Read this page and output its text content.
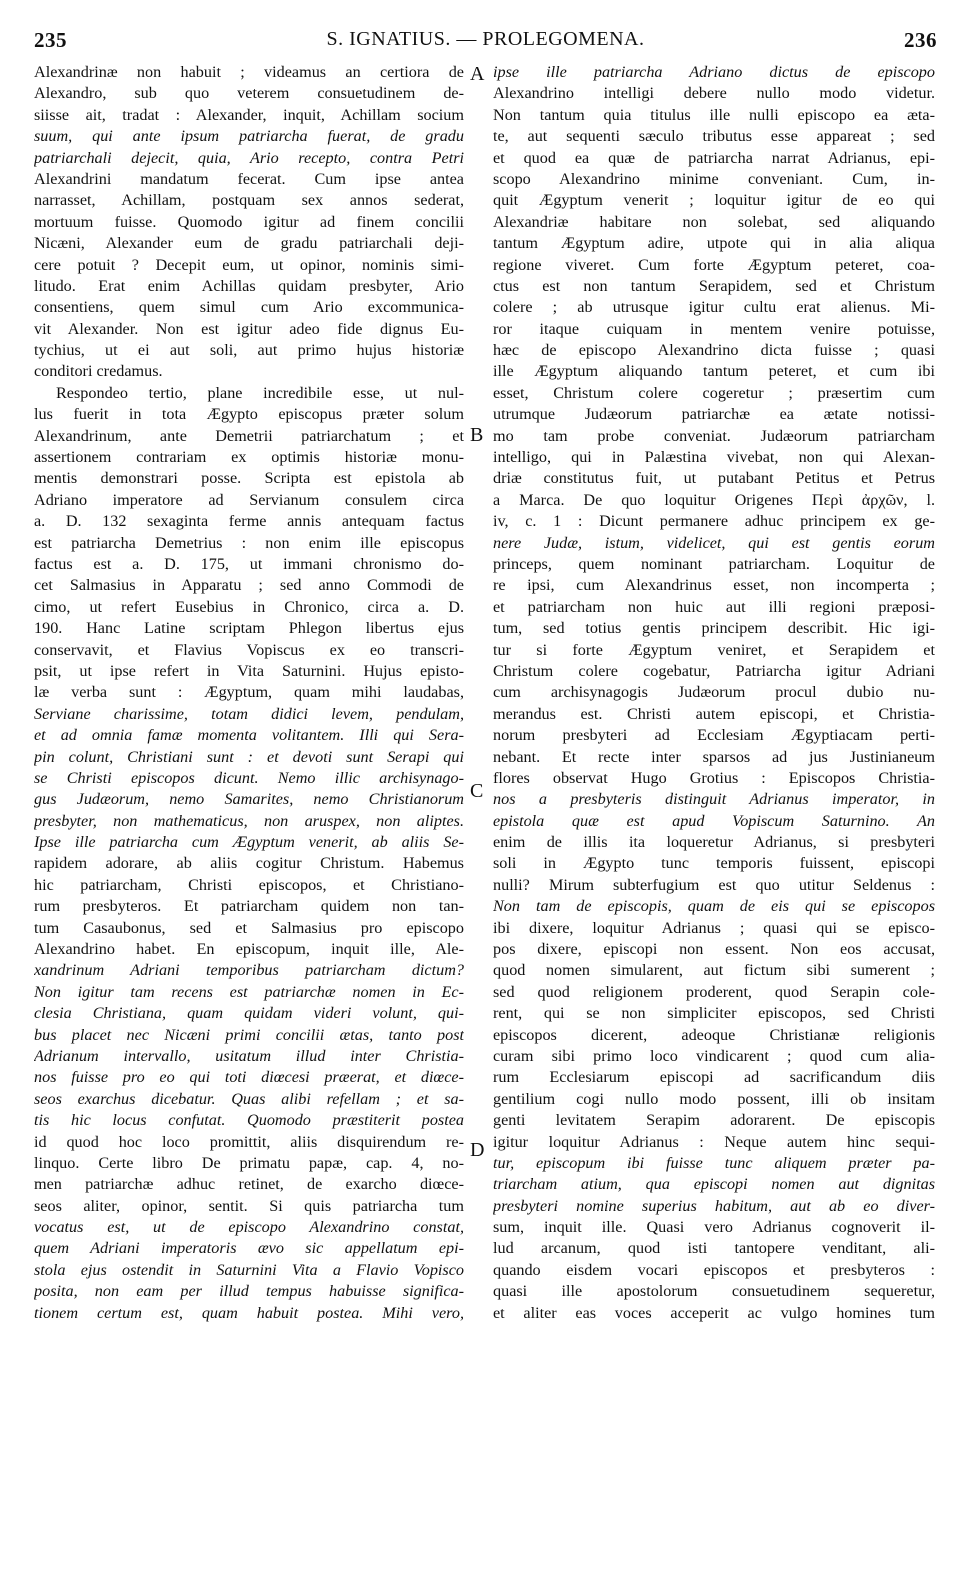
235	S. IGNATIUS. — PROLEGOMENA.	236
Alexandrinæ non habuit ; videamus an certiora de
Alexandro, sub quo veterem consuetudinem de-
siisse ait, tradat : Alexander, inquit, Achillam socium
suum, qui ante ipsum patriarcha fuerat, de gradu
patriarchali dejecit, quia, Ario recepto, contra Petri
Alexandrini mandatum fecerat. Cum ipse antea
narrasset, Achillam, postquam sex annos sederat,
mortuum fuisse. Quomodo igitur ad finem concilii
Nicæni, Alexander eum de gradu patriarchali deji-
cere potuit ? Decepit eum, ut opinor, nominis simi-
litudo. Erat enim Achillas quidam presbyter, Ario
consentiens, quem simul cum Ario excommunica-
vit Alexander. Non est igitur adeo fide dignus Eu-
tychius, ut ei aut soli, aut primo hujus historiæ
conditori credamus.
Respondeo tertio, plane incredibile esse, ut nul-
lus fuerit in tota Ægypto episcopus præter solum
Alexandrinum, ante Demetrii patriarchatum ; et
assertionem contrariam ex optimis historiæ monu-
mentis demonstrari posse. Scripta est epistola ab
Adriano imperatore ad Servianum consulem circa
a. D. 132 sexaginta ferme annis antequam factus
est patriarcha Demetrius : non enim ille episcopus
factus est a. D. 175, ut immani chronismo do-
cet Salmasius in Apparatu ; sed anno Commodi de
cimo, ut refert Eusebius in Chronico, circa a. D.
190. Hanc Latine scriptam Phlegon libertus ejus
conservavit, et Flavius Vopiscus ex eo transcri-
psit, ut ipse refert in Vita Saturnini. Hujus episto-
læ verba sunt : Ægyptum, quam mihi laudabas,
Serviane charissime, totam didici levem, pendulam,
et ad omnia famæ momenta volitantem. Illi qui Sera-
pin colunt, Christiani sunt : et devoti sunt Serapi qui
se Christi episcopos dicunt. Nemo illic archisynago-
gus Judæorum, nemo Samarites, nemo Christianorum
presbyter, non mathematicus, non aruspex, non aliptes.
Ipse ille patriarcha cum Ægyptum venerit, ab aliis Se-
rapidem adorare, ab aliis cogitur Christum. Habemus
hic patriarcham, Christi episcopos, et Christiano-
rum presbyteros. Et patriarcham quidem non tan-
tum Casaubonus, sed et Salmasius pro episcopo
Alexandrino habet. En episcopum, inquit ille, Ale-
xandrinum Adriani temporibus patriarcham dictum?
Non igitur tam recens est patriarchæ nomen in Ec-
clesia Christiana, quam quidam videri volunt, qui-
bus placet nec Nicæni primi concilii ætas, tanto post
Adrianum intervallo, usitatum illud inter Christia-
nos fuisse pro eo qui toti diœcesi præerat, et diœce-
seos exarchus dicebatur. Quas alibi refellam ; et sa-
tis hic locus confutat. Quomodo præstiterit postea
id quod hoc loco promittit, aliis disquirendum re-
linquo. Certe libro De primatu papæ, cap. 4, no-
men patriarchæ adhuc retinet, de exarcho diœce-
seos aliter, opinor, sentit. Si quis patriarcha tum
vocatus est, ut de episcopo Alexandrino constat,
quem Adriani imperatoris ævo sic appellatum epi-
stola ejus ostendit in Saturnini Vita a Flavio Vopisco
posita, non eam per illud tempus habuisse significa-
tionem certum est, quam habuit postea. Mihi vero,
ipse ille patriarcha Adriano dictus de episcopo
Alexandrino intelligi debere nullo modo videtur.
Non tantum quia titulus ille nulli episcopo ea æta-
te, aut sequenti sæculo tributus esse appareat ; sed
et quod ea quæ de patriarcha narrat Adrianus, epi-
scopo Alexandrino minime conveniant. Cum, in-
quit Ægyptum venerit ; loquitur igitur de eo qui
Alexandriæ habitare non solebat, sed aliquando
tantum Ægyptum adire, utpote qui in alia aliqua
regione viveret. Cum forte Ægyptum peteret, coa-
ctus est non tantum Serapidem, sed et Christum
colere ; ab utrusque igitur cultu erat alienus. Mi-
ror itaque cuiquam in mentem venire potuisse,
hæc de episcopo Alexandrino dicta fuisse ; quasi
ille Ægyptum aliquando tantum peteret, et cum ibi
esset, Christum colere cogeretur ; præsertim cum
utrumque Judæorum patriarchæ ea ætate notissi-
mo tam probe conveniat. Judæorum patriarcham
intelligo, qui in Palæstina vivebat, non qui Alexan-
driæ constitutus fuit, ut putabant Petitus et Petrus
a Marca. De quo loquitur Origenes Περὶ ἀρχῶν, l.
iv, c. 1 : Dicunt permanere adhuc principem ex ge-
nere Judæ, istum, videlicet, qui est gentis eorum
princeps, quem nominant patriarcham. Loquitur de
re ipsi, cum Alexandrinus esset, non incomperta ;
et patriarcham non huic aut illi regioni præposi-
tum, sed totius gentis principem describit. Hic igi-
tur si forte Ægyptum veniret, et Serapidem et
Christum colere cogebatur, Patriarcha igitur Adriani
cum archisynagogis Judæorum procul dubio nu-
merandus est. Christi autem episcopi, et Christia-
norum presbyteri ad Ecclesiam Ægyptiacam perti-
nebant. Et recte inter sparsos ad jus Justinianeum
flores observat Hugo Grotius : Episcopos Christia-
nos a presbyteris distinguit Adrianus imperator, in
epistola quæ est apud Vopiscum Saturnino. An
enim de illis ita loqueretur Adrianus, si presbyteri
soli in Ægypto tunc temporis fuissent, episcopi
nulli? Mirum subterfugium est quo utitur Seldenus :
Non tam de episcopis, quam de eis qui se episcopos
ibi dixere, loquitur Adrianus ; quasi qui se episco-
pos dixere, episcopi non essent. Non eos accusat,
quod nomen simularent, aut fictum sibi sumerent ;
sed quod religionem proderent, quod Serapin cole-
rent, qui se non simpliciter episcopos, sed Christi
episcopos dicerent, adeoque Christianæ religionis
curam sibi primo loco vindicarent ; quod cum alia-
rum Ecclesiarum episcopi ad sacrificandum diis
gentilium cogi nullo modo possent, illi ob insitam
genti levitatem Serapim adorarent. De episcopis
igitur loquitur Adrianus : Neque autem hinc sequi-
tur, episcopum ibi fuisse tunc aliquem præter pa-
triarcham atium, qua episcopi nomen aut dignitas
presbyteri nomine superius habitum, aut ab eo diver-
sum, inquit ille. Quasi vero Adrianus cognoverit il-
lud arcanum, quod isti tantopere venditant, ali-
quando eisdem vocari episcopos et presbyteros :
quasi ille apostolorum consuetudinem sequeretur,
et aliter eas voces acceperit ac vulgo homines tum
A
B
C
D
